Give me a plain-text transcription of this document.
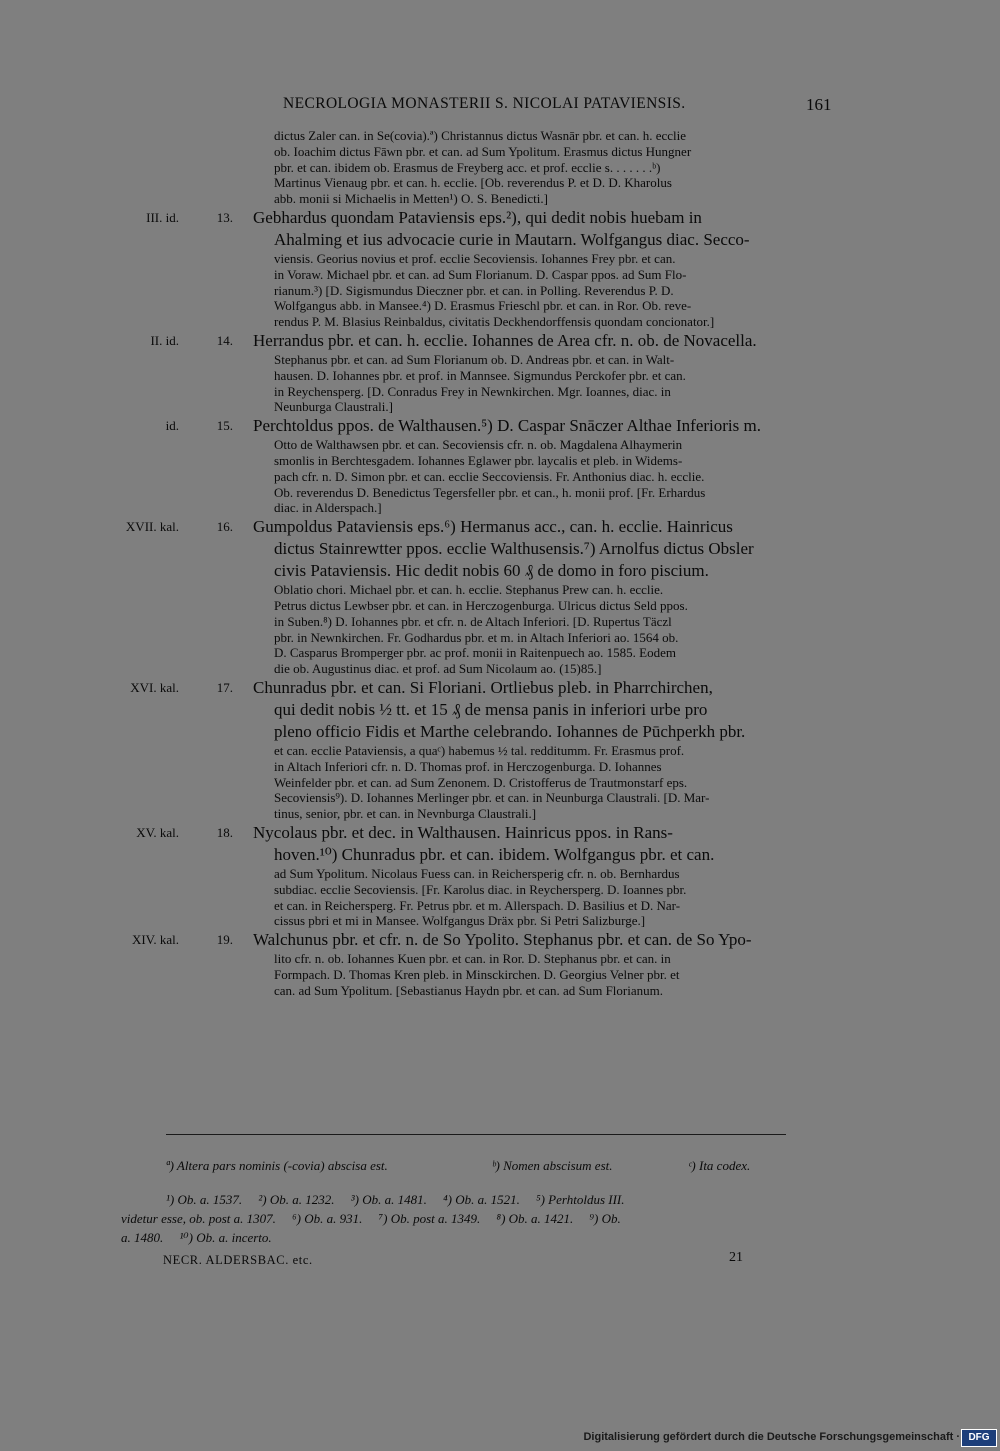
NECROLOGIA MONASTERII S. NICOLAI PATAVIENSIS.	161
dictus Zaler can. in Se(covia).ª) Christannus dictus Wasnār pbr. et can. h. ecclie
ob. Ioachim dictus Fāwn pbr. et can. ad Sum Ypolitum. Erasmus dictus Hungner
pbr. et can. ibidem ob. Erasmus de Freyberg acc. et prof. ecclie s. . . . . . .ᵇ)
Martinus Vienaug pbr. et can. h. ecclie. [Ob. reverendus P. et D. D. Kharolus
abb. monii si Michaelis in Metten¹) O. S. Benedicti.]
III. id.	13. Gebhardus quondam Pataviensis eps.²), qui dedit nobis huebam in
Ahalming et ius advocacie curie in Mautarn. Wolfgangus diac. Secco-
viensis. Georius novius et prof. ecclie Secoviensis. Iohannes Frey pbr. et can.
in Voraw. Michael pbr. et can. ad Sum Florianum. D. Caspar ppos. ad Sum Flo-
rianum.³) [D. Sigismundus Dieczner pbr. et can. in Polling. Reverendus P. D.
Wolfgangus abb. in Mansee.⁴) D. Erasmus Frieschl pbr. et can. in Ror. Ob. reve-
rendus P. M. Blasius Reinbaldus, civitatis Deckhendorffensis quondam concionator.]
II. id.	14. Herrandus pbr. et can. h. ecclie. Iohannes de Area cfr. n. ob. de Novacella.
Stephanus pbr. et can. ad Sum Florianum ob. D. Andreas pbr. et can. in Walt-
hausen. D. Iohannes pbr. et prof. in Mannsee. Sigmundus Perckofer pbr. et can.
in Reychensperg. [D. Conradus Frey in Newnkirchen. Mgr. Ioannes, diac. in
Neunburga Claustrali.]
id.	15. Perchtoldus ppos. de Walthausen.⁵) D. Caspar Snāczer Althae Inferioris m.
Otto de Walthawsen pbr. et can. Secoviensis cfr. n. ob. Magdalena Alhaymerin
smonlis in Berchtesgadem. Iohannes Eglawer pbr. laycalis et pleb. in Widems-
pach cfr. n. D. Simon pbr. et can. ecclie Seccoviensis. Fr. Anthonius diac. h. ecclie.
Ob. reverendus D. Benedictus Tegersfeller pbr. et can., h. monii prof. [Fr. Erhardus
diac. in Alderspach.]
XVII. kal.	16. Gumpoldus Pataviensis eps.⁶) Hermanus acc., can. h. ecclie. Hainricus
dictus Stainrewtter ppos. ecclie Walthusensis.⁷) Arnolfus dictus Obsler
civis Pataviensis. Hic dedit nobis 60 ₰ de domo in foro piscium.
Oblatio chori. Michael pbr. et can. h. ecclie. Stephanus Prew can. h. ecclie.
Petrus dictus Lewbser pbr. et can. in Herczogenburga. Ulricus dictus Seld ppos.
in Suben.⁸) D. Iohannes pbr. et cfr. n. de Altach Inferiori. [D. Rupertus Täczl
pbr. in Newnkirchen. Fr. Godhardus pbr. et m. in Altach Inferiori ao. 1564 ob.
D. Casparus Bromperger pbr. ac prof. monii in Raitenpuech ao. 1585. Eodem
die ob. Augustinus diac. et prof. ad Sum Nicolaum ao. (15)85.]
XVI. kal.	17. Chunradus pbr. et can. Si Floriani. Ortliebus pleb. in Pharrchirchen,
qui dedit nobis ½ tt. et 15 ₰ de mensa panis in inferiori urbe pro
pleno officio Fidis et Marthe celebrando. Iohannes de Pūchperkh pbr.
et can. ecclie Pataviensis, a quaᶜ) habemus ½ tal. redditumm. Fr. Erasmus prof.
in Altach Inferiori cfr. n. D. Thomas prof. in Herczogenburga. D. Iohannes
Weinfelder pbr. et can. ad Sum Zenonem. D. Cristofferus de Trautmonstarf eps.
Secoviensis⁹). D. Iohannes Merlinger pbr. et can. in Neunburga Claustrali. [D. Mar-
tinus, senior, pbr. et can. in Nevnburga Claustrali.]
XV. kal.	18. Nycolaus pbr. et dec. in Walthausen. Hainricus ppos. in Rans-
hoven.¹⁰) Chunradus pbr. et can. ibidem. Wolfgangus pbr. et can.
ad Sum Ypolitum. Nicolaus Fuess can. in Reichersperig cfr. n. ob. Bernhardus
subdiac. ecclie Secoviensis. [Fr. Karolus diac. in Reychersperg. D. Ioannes pbr.
et can. in Reichersperg. Fr. Petrus pbr. et m. Allerspach. D. Basilius et D. Nar-
cissus pbri et mi in Mansee. Wolfgangus Dräx pbr. Si Petri Salizburge.]
XIV. kal.	19. Walchunus pbr. et cfr. n. de So Ypolito. Stephanus pbr. et can. de So Ypo-
lito cfr. n. ob. Iohannes Kuen pbr. et can. in Ror. D. Stephanus pbr. et can. in
Formpach. D. Thomas Kren pleb. in Minsckirchen. D. Georgius Velner pbr. et
can. ad Sum Ypolitum. [Sebastianus Haydn pbr. et can. ad Sum Florianum.
ª) Altera pars nominis (-covia) abscisa est.	ᵇ) Nomen abscisum est.	ᶜ) Ita codex.
¹) Ob. a. 1537.     ²) Ob. a. 1232.     ³) Ob. a. 1481.     ⁴) Ob. a. 1521.     ⁵) Perhtoldus III.
videtur esse, ob. post a. 1307.     ⁶) Ob. a. 931.     ⁷) Ob. post a. 1349.     ⁸) Ob. a. 1421.     ⁹) Ob.
a. 1480.     ¹⁰) Ob. a. incerto.
NECR. ALDERSBAC. etc.	21
Digitalisierung gefördert durch die Deutsche Forschungsgemeinschaft · DFG
